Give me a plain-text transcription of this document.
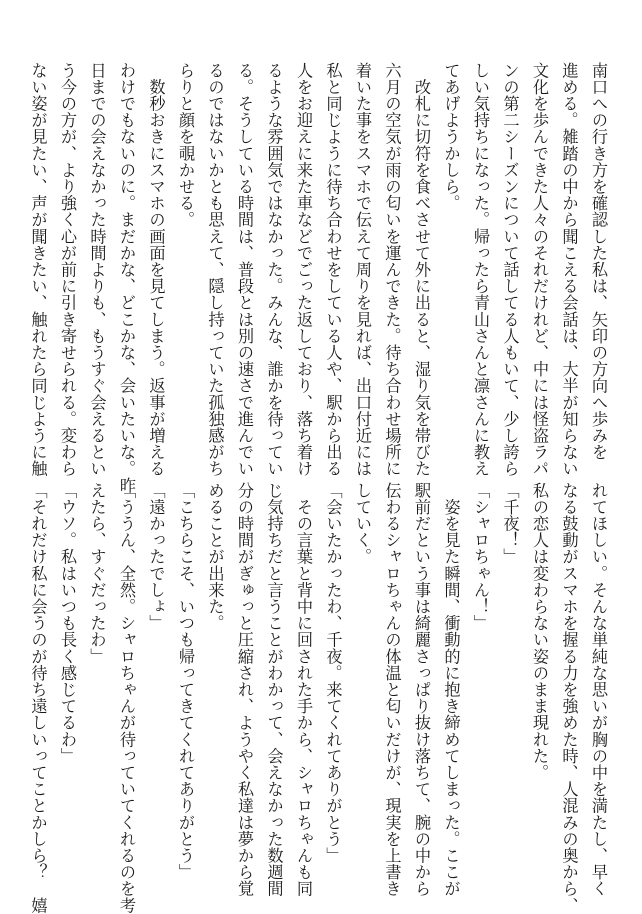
南口への行き方を確認した私は、矢印の方向へ歩みを
進める。雑踏の中から聞こえる会話は、大半が知らない
文化を歩んできた人々のそれだけれど、中には怪盗ラパ
ンの第二シーズンについて話してる人もいて、少し誇ら
しい気持ちになった。帰ったら青山さんと凛さんに教え
てあげようかしら。
　改札に切符を食べさせて外に出ると、湿り気を帯びた
六月の空気が雨の匂いを運んできた。待ち合わせ場所に
着いた事をスマホで伝えて周りを見れば、出口付近には
私と同じように待ち合わせをしている人や、駅から出る
人をお迎えに来た車などでごった返しており、落ち着け
るような雰囲気ではなかった。みんな、誰かを待ってい
る。そうしている時間は、普段とは別の速さで進んでい
るのではないかとも思えて、隠し持っていた孤独感がち
らりと顔を覗かせる。
　数秒おきにスマホの画面を見てしまう。返事が増える
わけでもないのに。まだかな、どこかな、会いたいな。昨
日までの会えなかった時間よりも、もうすぐ会えるとい
う今の方が、より強く心が前に引き寄せられる。変わら
ない姿が見たい、声が聞きたい、触れたら同じように触
れてほしい。そんな単純な思いが胸の中を満たし、早く
なる鼓動がスマホを握る力を強めた時、人混みの奥から、
私の恋人は変わらない姿のまま現れた。
「千夜！」
「シャロちゃん！」
　姿を見た瞬間、衝動的に抱き締めてしまった。ここが
駅前だという事は綺麗さっぱり抜け落ちて、腕の中から
伝わるシャロちゃんの体温と匂いだけが、現実を上書き
していく。
「会いたかったわ、千夜。来てくれてありがとう」
　その言葉と背中に回された手から、シャロちゃんも同
じ気持ちだと言うことがわかって、会えなかった数週間
分の時間がぎゅっと圧縮され、ようやく私達は夢から覚
めることが出来た。
「こちらこそ、いつも帰ってきてくれてありがとう」
「遠かったでしょ」
「ううん、全然。シャロちゃんが待っていてくれるのを考
えたら、すぐだったわ」
「ウソ。私はいつも長く感じてるわ」
「それだけ私に会うのが待ち遠しいってことかしら？　嬉
